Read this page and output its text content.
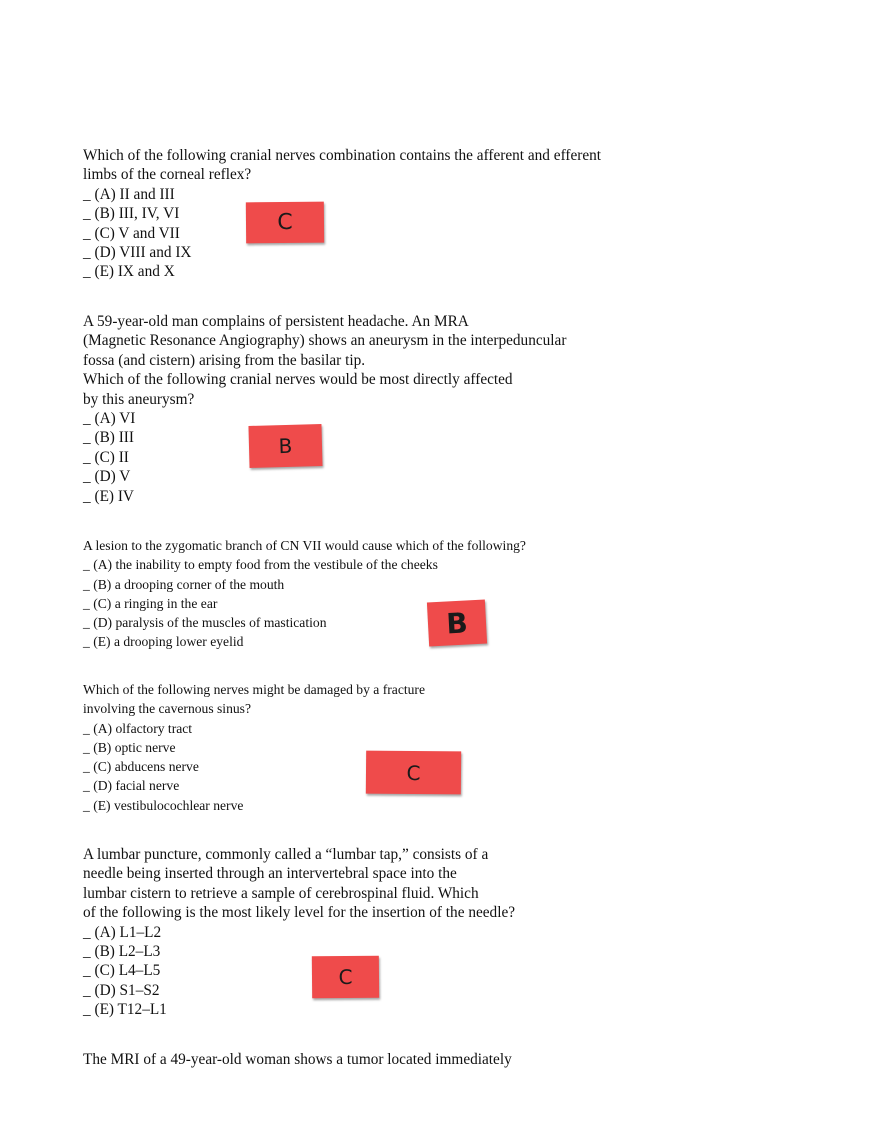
Which of the following cranial nerves combination contains the afferent and efferent
limbs of the corneal reflex?
_ (A) II and III
_ (B) III, IV, VI
_ (C) V and VII
_ (D) VIII and IX
_ (E) IX and X
C
A 59-year-old man complains of persistent headache. An MRA
(Magnetic Resonance Angiography) shows an aneurysm in the interpeduncular
fossa (and cistern) arising from the basilar tip.
Which of the following cranial nerves would be most directly affected
by this aneurysm?
_ (A) VI
_ (B) III
_ (C) II
_ (D) V
_ (E) IV
B
A lesion to the zygomatic branch of CN VII would cause which of the following?
_ (A) the inability to empty food from the vestibule of the cheeks
_ (B) a drooping corner of the mouth
_ (C) a ringing in the ear
_ (D) paralysis of the muscles of mastication
_ (E) a drooping lower eyelid
B
Which of the following nerves might be damaged by a fracture
involving the cavernous sinus?
_ (A) olfactory tract
_ (B) optic nerve
_ (C) abducens nerve
_ (D) facial nerve
_ (E) vestibulocochlear nerve
C
A lumbar puncture, commonly called a “lumbar tap,” consists of a
needle being inserted through an intervertebral space into the
lumbar cistern to retrieve a sample of cerebrospinal fluid. Which
of the following is the most likely level for the insertion of the needle?
_ (A) L1–L2
_ (B) L2–L3
_ (C) L4–L5
_ (D) S1–S2
_ (E) T12–L1
C
The MRI of a 49-year-old woman shows a tumor located immediately
